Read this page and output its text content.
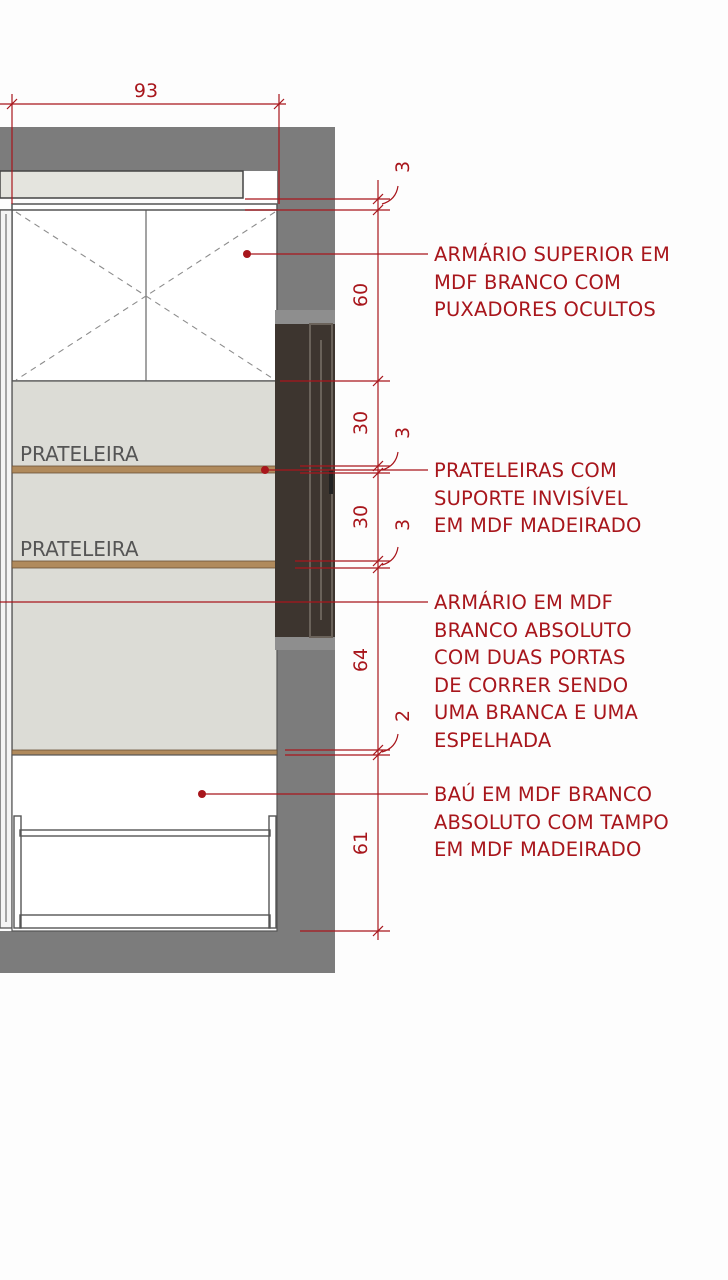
PRATELEIRA
PRATELEIRA
93
3
60
30 3
30 3
64
2
61
ARMÁRIO SUPERIOR EM
MDF BRANCO COM
PUXADORES OCULTOS
PRATELEIRAS COM
SUPORTE INVISÍVEL
EM MDF MADEIRADO
ARMÁRIO EM MDF
BRANCO ABSOLUTO
COM DUAS PORTAS
DE CORRER SENDO
UMA BRANCA E UMA
ESPELHADA
BAÚ EM MDF BRANCO
ABSOLUTO COM TAMPO
EM MDF MADEIRADO
